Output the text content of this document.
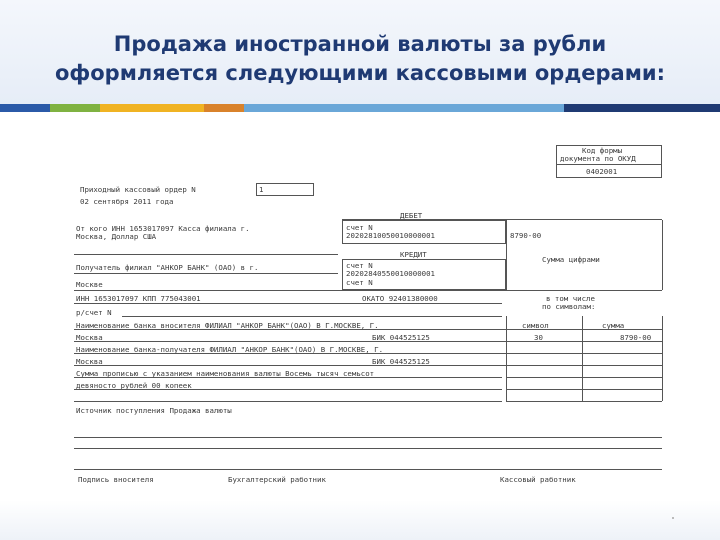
Продажа иностранной валюты за рубли
оформляется следующими кассовыми ордерами:
Код формы
документа по ОКУД
0402001
Приходный кассовый ордер N	1
02 сентября 2011 года
ДЕБЕТ
счет N
20202810050010000001	8790-00
Сумма цифрами
КРЕДИТ
счет N
20202840550010000001
счет N
От кого ИНН 1653017097 Касса филиала г.
Москва, Доллар США
Получатель филиал "АНКОР БАНК" (ОАО) в г.
Москве
ИНН 1653017097 КПП 775043001	ОКАТО 92401380000	в том числе
по символам:
р/счет N
Наименование банка вносителя ФИЛИАЛ "АНКОР БАНК"(ОАО) В Г.МОСКВЕ, Г.	символ	сумма
Москва	БИК 044525125	30	8790-00
Наименование банка-получателя ФИЛИАЛ "АНКОР БАНК"(ОАО) В Г.МОСКВЕ, Г.
Москва	БИК 044525125
Сумма прописью с указанием наименования валюты Восемь тысяч семьсот
девяносто рублей 00 копеек
Источник поступления Продажа валюты
Подпись вносителя	Бухгалтерский работник	Кассовый работник
